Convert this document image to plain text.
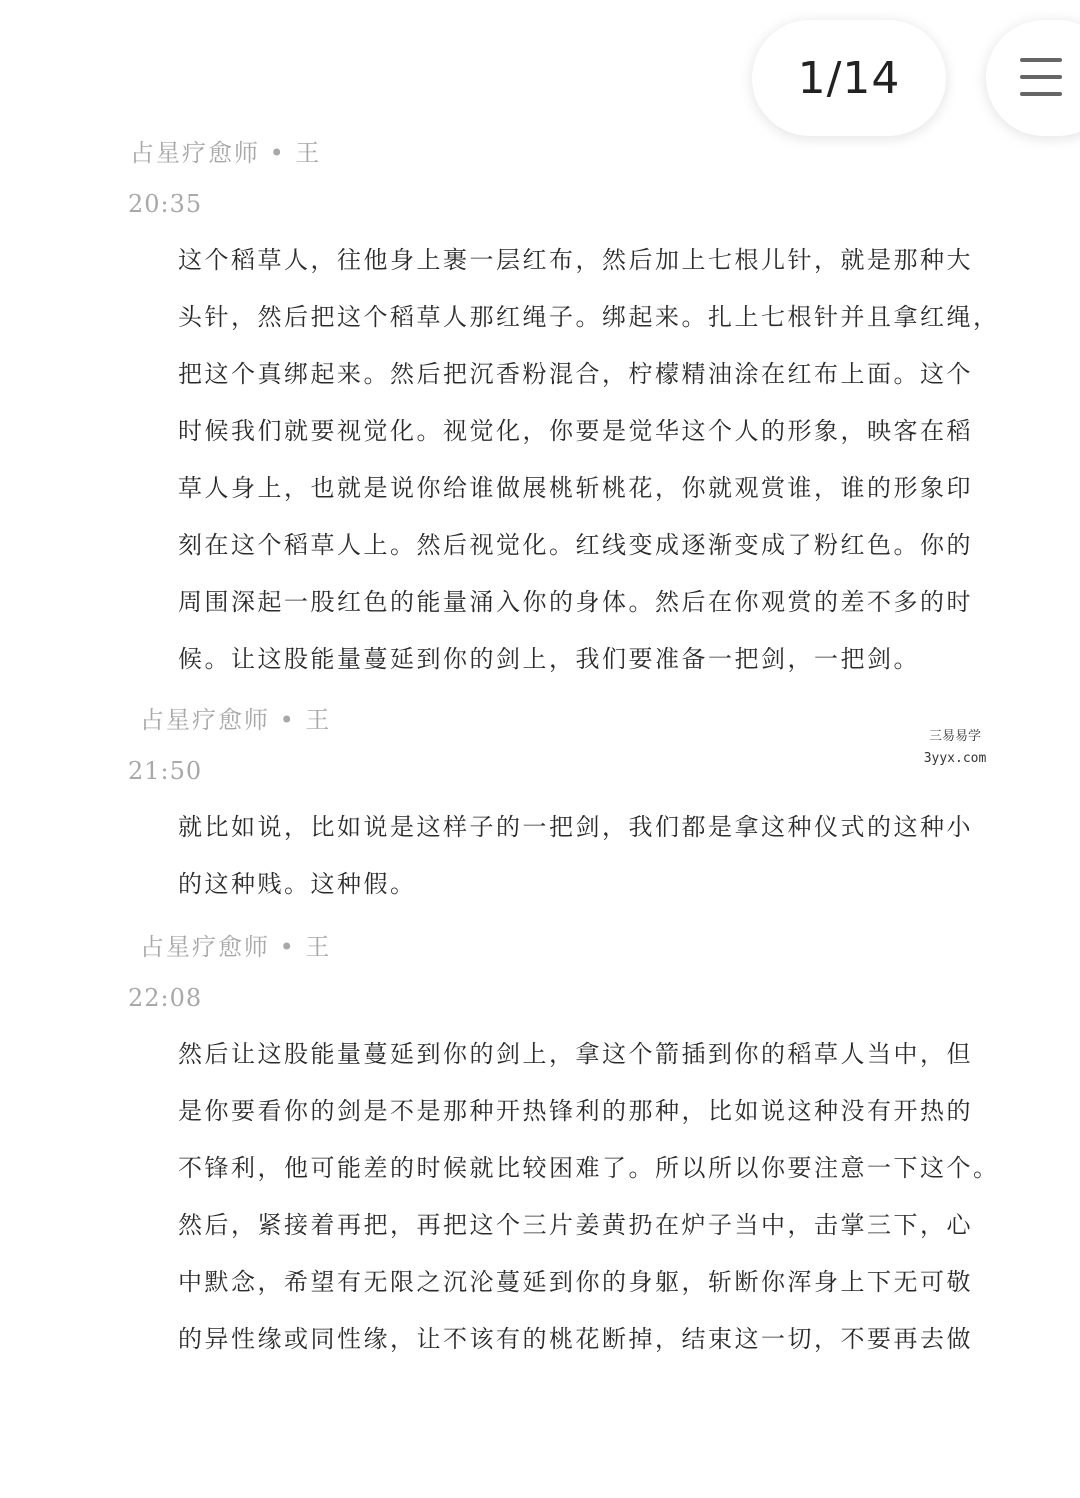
1/14
占星疗愈师 • 王
20:35

这个稻草人，往他身上裹一层红布，然后加上七根儿针，就是那种大

头针，然后把这个稻草人那红绳子。绑起来。扎上七根针并且拿红绳，

把这个真绑起来。然后把沉香粉混合，柠檬精油涂在红布上面。这个

时候我们就要视觉化。视觉化，你要是觉华这个人的形象，映客在稻

草人身上，也就是说你给谁做展桃斩桃花，你就观赏谁，谁的形象印

刻在这个稻草人上。然后视觉化。红线变成逐渐变成了粉红色。你的

周围深起一股红色的能量涌入你的身体。然后在你观赏的差不多的时

候。让这股能量蔓延到你的剑上，我们要准备一把剑，一把剑。

占星疗愈师 • 王
21:50

就比如说，比如说是这样子的一把剑，我们都是拿这种仪式的这种小

的这种贱。这种假。

占星疗愈师 • 王
22:08

然后让这股能量蔓延到你的剑上，拿这个箭插到你的稻草人当中，但

是你要看你的剑是不是那种开热锋利的那种，比如说这种没有开热的

不锋利，他可能差的时候就比较困难了。所以所以你要注意一下这个。

然后，紧接着再把，再把这个三片姜黄扔在炉子当中，击掌三下，心

中默念，希望有无限之沉沦蔓延到你的身躯，斩断你浑身上下无可敬

的异性缘或同性缘，让不该有的桃花断掉，结束这一切，不要再去做

三易易学
3yyx.com
